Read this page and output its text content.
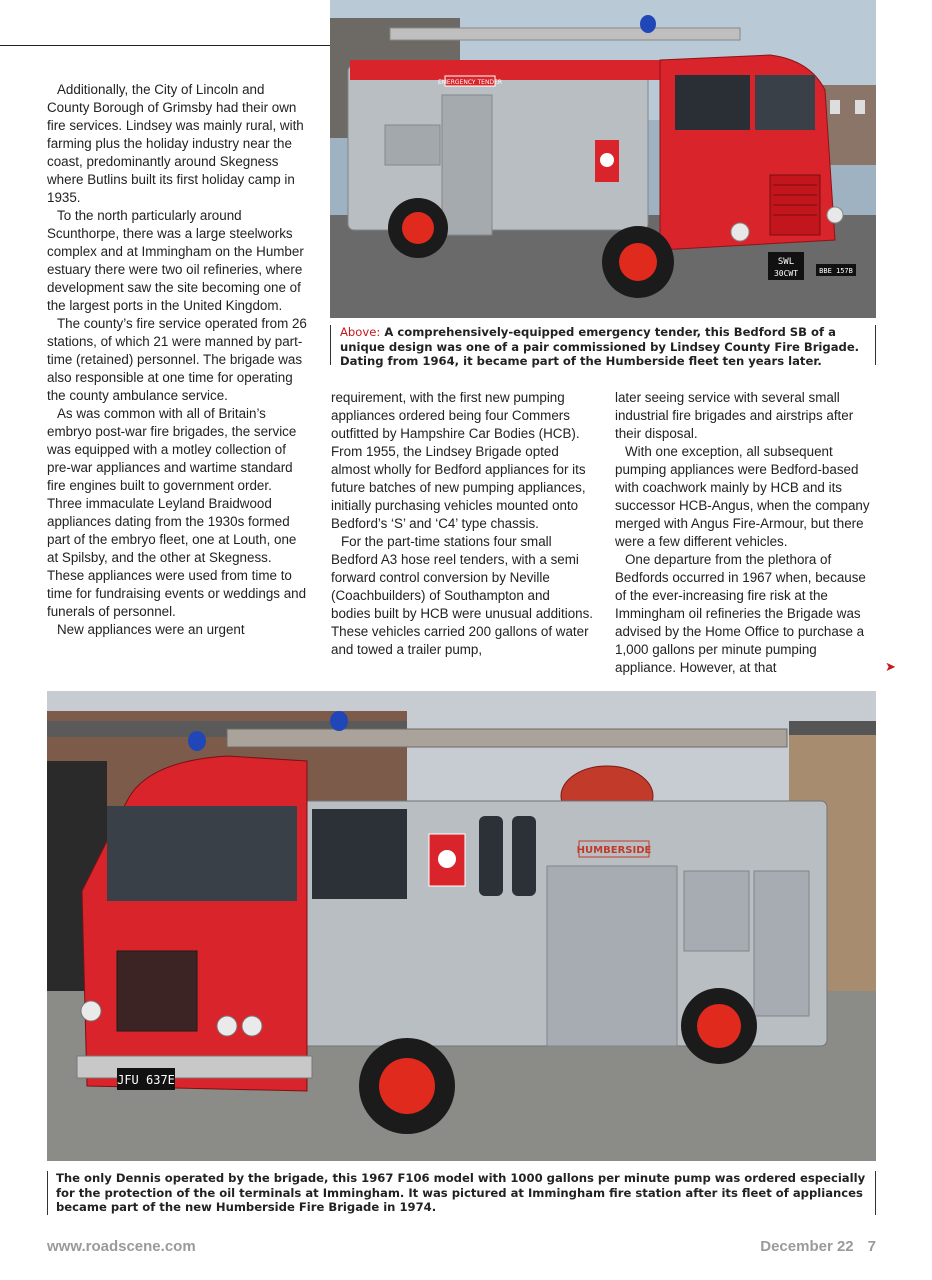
EMERGENCY TENDER
SWL
30CWT	BBE 157B
Above: A comprehensively-equipped emergency tender, this Bedford SB of a unique design was one of a pair commissioned by Lindsey County Fire Brigade. Dating from 1964, it became part of the Humberside fleet ten years later.

Additionally, the City of Lincoln and County Borough of Grimsby had their own fire services. Lindsey was mainly rural, with farming plus the holiday industry near the coast, predominantly around Skegness where Butlins built its first holiday camp in 1935.

To the north particularly around Scunthorpe, there was a large steelworks complex and at Immingham on the Humber estuary there were two oil refineries, where development saw the site becoming one of the largest ports in the United Kingdom.

The county’s fire service operated from 26 stations, of which 21 were manned by part-time (retained) personnel. The brigade was also responsible at one time for operating the county ambulance service.

As was common with all of Britain’s embryo post-war fire brigades, the service was equipped with a motley collection of pre-war appliances and wartime standard fire engines built to government order. Three immaculate Leyland Braidwood appliances dating from the 1930s formed part of the embryo fleet, one at Louth, one at Spilsby, and the other at Skegness. These appliances were used from time to time for fundraising events or weddings and funerals of personnel.

New appliances were an urgent

requirement, with the first new pumping appliances ordered being four Commers outfitted by Hampshire Car Bodies (HCB). From 1955, the Lindsey Brigade opted almost wholly for Bedford appliances for its future batches of new pumping appliances, initially purchasing vehicles mounted onto Bedford’s ‘S’ and ‘C4’ type chassis.

For the part-time stations four small Bedford A3 hose reel tenders, with a semi forward control conversion by Neville (Coachbuilders) of Southampton and bodies built by HCB were unusual additions. These vehicles carried 200 gallons of water and towed a trailer pump,

later seeing service with several small industrial fire brigades and airstrips after their disposal.

With one exception, all subsequent pumping appliances were Bedford-based with coachwork mainly by HCB and its successor HCB-Angus, when the company merged with Angus Fire-Armour, but there were a few different vehicles.

One departure from the plethora of Bedfords occurred in 1967 when, because of the ever-increasing fire risk at the Immingham oil refineries the Brigade was advised by the Home Office to purchase a 1,000 gallons per minute pumping appliance. However, at that	➤
HUMBERSIDE
JFU 637E
The only Dennis operated by the brigade, this 1967 F106 model with 1000 gallons per minute pump was ordered especially for the protection of the oil terminals at Immingham. It was pictured at Immingham fire station after its fleet of appliances became part of the new Humberside Fire Brigade in 1974.
www.roadscene.com	December 22 7
